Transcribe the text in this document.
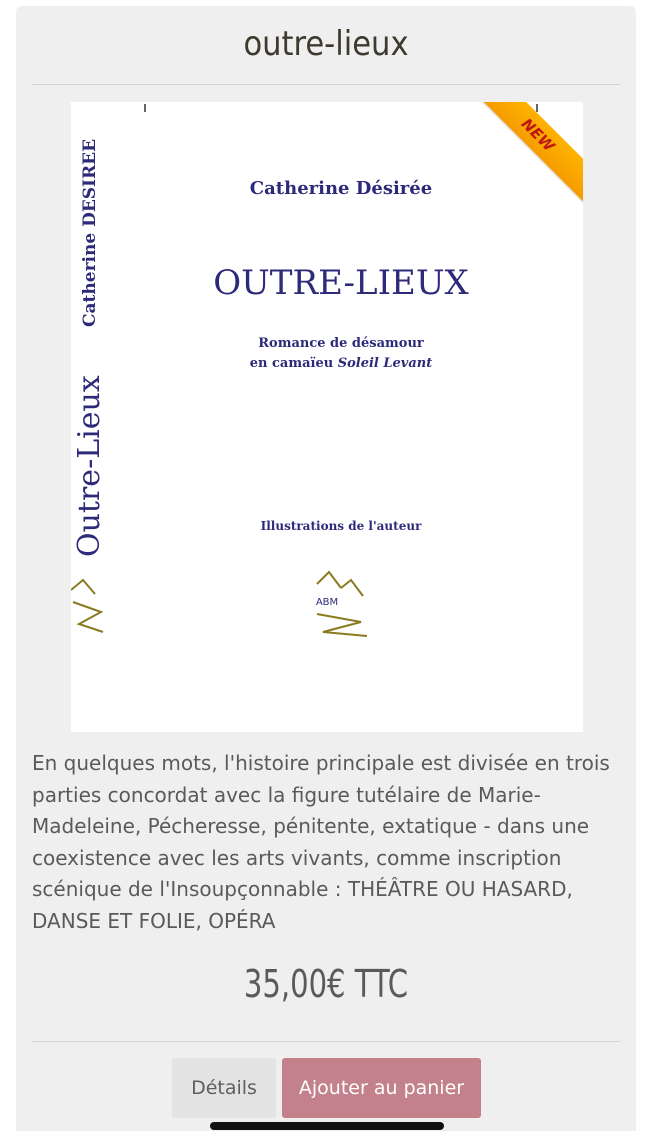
outre-lieux
Catherine DESIREE
Outre-Lieux
Catherine Désirée
OUTRE-LIEUX
Romance de désamour
en camaïeu Soleil Levant
Illustrations de l'auteur
ABM
NEW
En quelques mots, l'histoire principale est divisée en trois parties concordat avec la figure tutélaire de Marie-Madeleine, Pécheresse, pénitente, extatique - dans une coexistence avec les arts vivants, comme inscription scénique de l'Insoupçonnable : THÉÂTRE OU HASARD, DANSE ET FOLIE, OPÉRA
35,00€ TTC
Détails	Ajouter au panier
